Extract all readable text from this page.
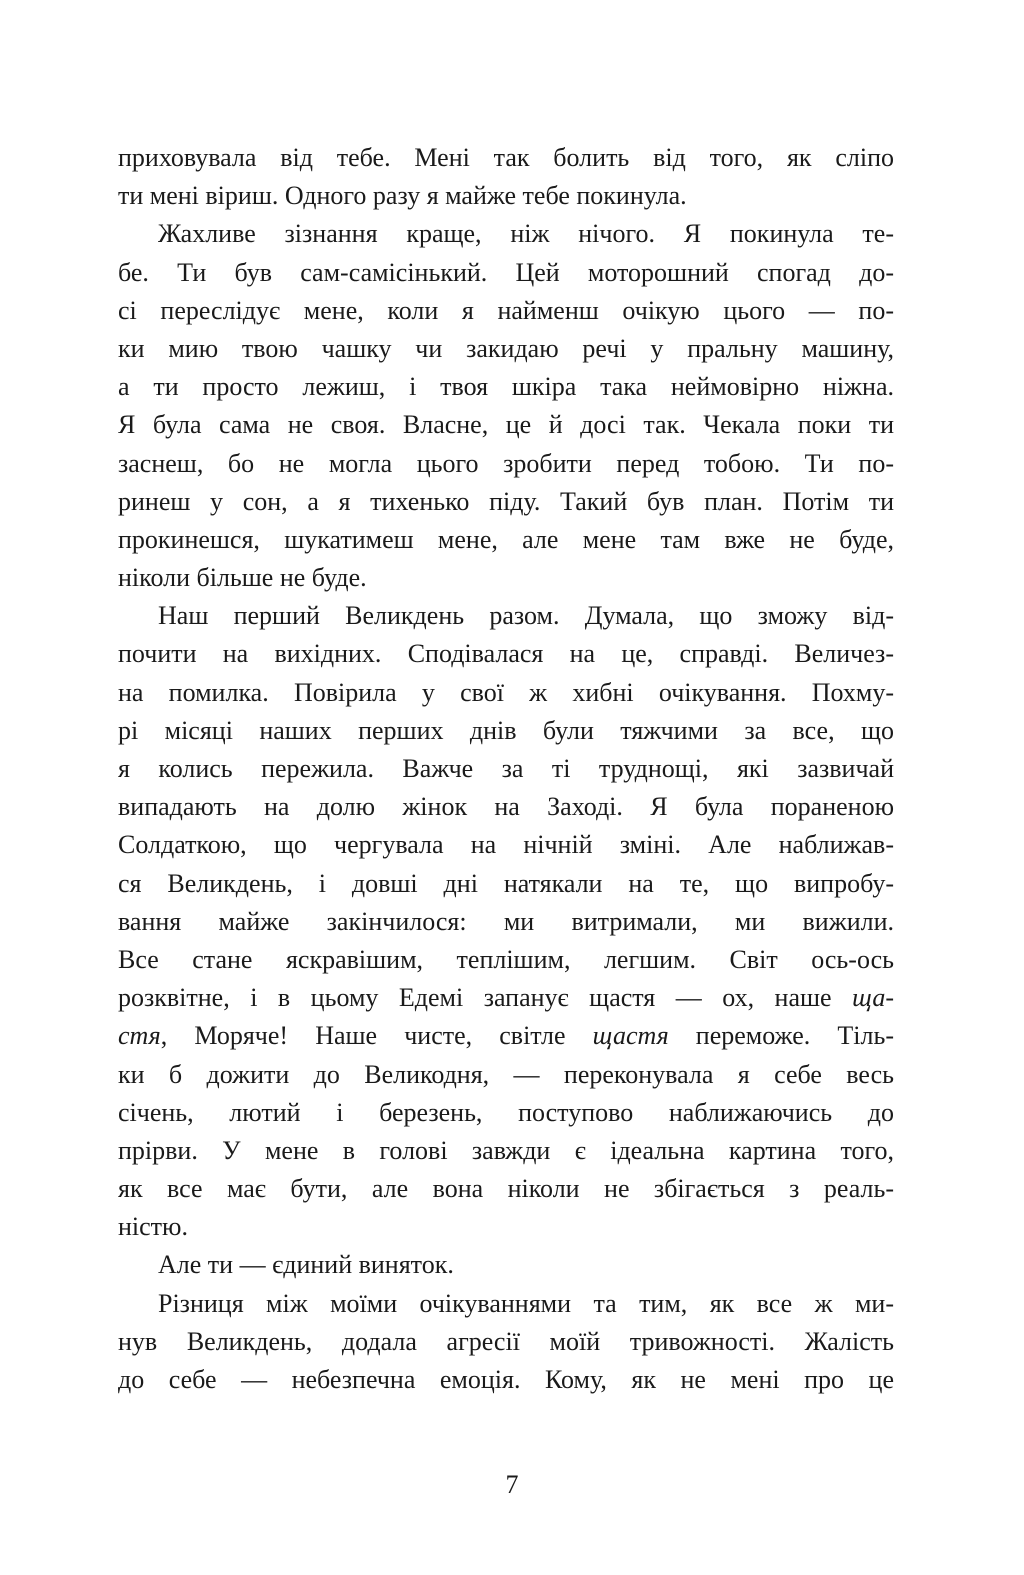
приховувала від тебе. Мені так болить від того, як сліпо
ти мені віриш. Одного разу я майже тебе покинула.
Жахливе зізнання краще, ніж нічого. Я покинула те-
бе. Ти був сам-самісінький. Цей моторошний спогад до-
сі переслідує мене, коли я найменш очікую цього — по-
ки мию твою чашку чи закидаю речі у пральну машину,
а ти просто лежиш, і твоя шкіра така неймовірно ніжна.
Я була сама не своя. Власне, це й досі так. Чекала поки ти
заснеш, бо не могла цього зробити перед тобою. Ти по-
ринеш у сон, а я тихенько піду. Такий був план. Потім ти
прокинешся, шукатимеш мене, але мене там вже не буде,
ніколи більше не буде.
Наш перший Великдень разом. Думала, що зможу від-
почити на вихідних. Сподівалася на це, справді. Величез-
на помилка. Повірила у свої ж хибні очікування. Похму-
рі місяці наших перших днів були тяжчими за все, що
я колись пережила. Важче за ті труднощі, які зазвичай
випадають на долю жінок на Заході. Я була пораненою
Солдаткою, що чергувала на нічній зміні. Але наближав-
ся Великдень, і довші дні натякали на те, що випробу-
вання майже закінчилося: ми витримали, ми вижили.
Все стане яскравішим, теплішим, легшим. Світ ось-ось
розквітне, і в цьому Едемі запанує щастя — ох, наше ща-
стя, Моряче! Наше чисте, світле щастя переможе. Тіль-
ки б дожити до Великодня, — переконувала я себе весь
січень, лютий і березень, поступово наближаючись до
прірви. У мене в голові завжди є ідеальна картина того,
як все має бути, але вона ніколи не збігається з реаль-
ністю.
Але ти — єдиний виняток.
Різниця між моїми очікуваннями та тим, як все ж ми-
нув Великдень, додала агресії моїй тривожності. Жалість
до себе — небезпечна емоція. Кому, як не мені про це
7
